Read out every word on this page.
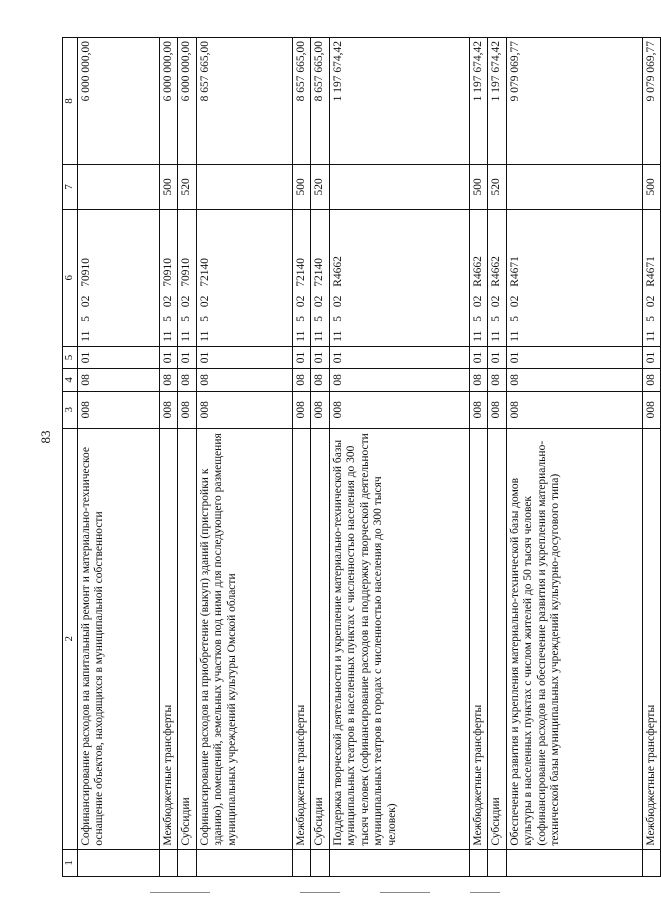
83
1	2	3	4	5	6	7	8
	Софинансирование расходов на капитальный ремонт и материально-техническое оснащение объектов, находящихся в муниципальной собственности	008	08	01	11 5 02 70910		6 000 000,00
	Межбюджетные трансферты	008	08	01	11 5 02 70910	500	6 000 000,00
	Субсидии	008	08	01	11 5 02 70910	520	6 000 000,00
	Софинансирование расходов на приобретение (выкуп) зданий (пристройки к зданию), помещений, земельных участков под ними для последующего размещения муниципальных учреждений культуры Омской области	008	08	01	11 5 02 72140		8 657 665,00
	Межбюджетные трансферты	008	08	01	11 5 02 72140	500	8 657 665,00
	Субсидии	008	08	01	11 5 02 72140	520	8 657 665,00
	Поддержка творческой деятельности и укрепление материально-технической базы муниципальных театров в населенных пунктах с численностью населения до 300 тысяч человек (софинансирование расходов на поддержку творческой деятельности муниципальных театров в городах с численностью населения до 300 тысяч человек)	008	08	01	11 5 02 R4662		1 197 674,42
	Межбюджетные трансферты	008	08	01	11 5 02 R4662	500	1 197 674,42
	Субсидии	008	08	01	11 5 02 R4662	520	1 197 674,42
	Обеспечение развития и укрепления материально-технической базы домов культуры в населенных пунктах с числом жителей до 50 тысяч человек (софинансирование расходов на обеспечение развития и укрепления материально-технической базы муниципальных учреждений культурно-досугового типа)	008	08	01	11 5 02 R4671		9 079 069,77
	Межбюджетные трансферты	008	08	01	11 5 02 R4671	500	9 079 069,77
